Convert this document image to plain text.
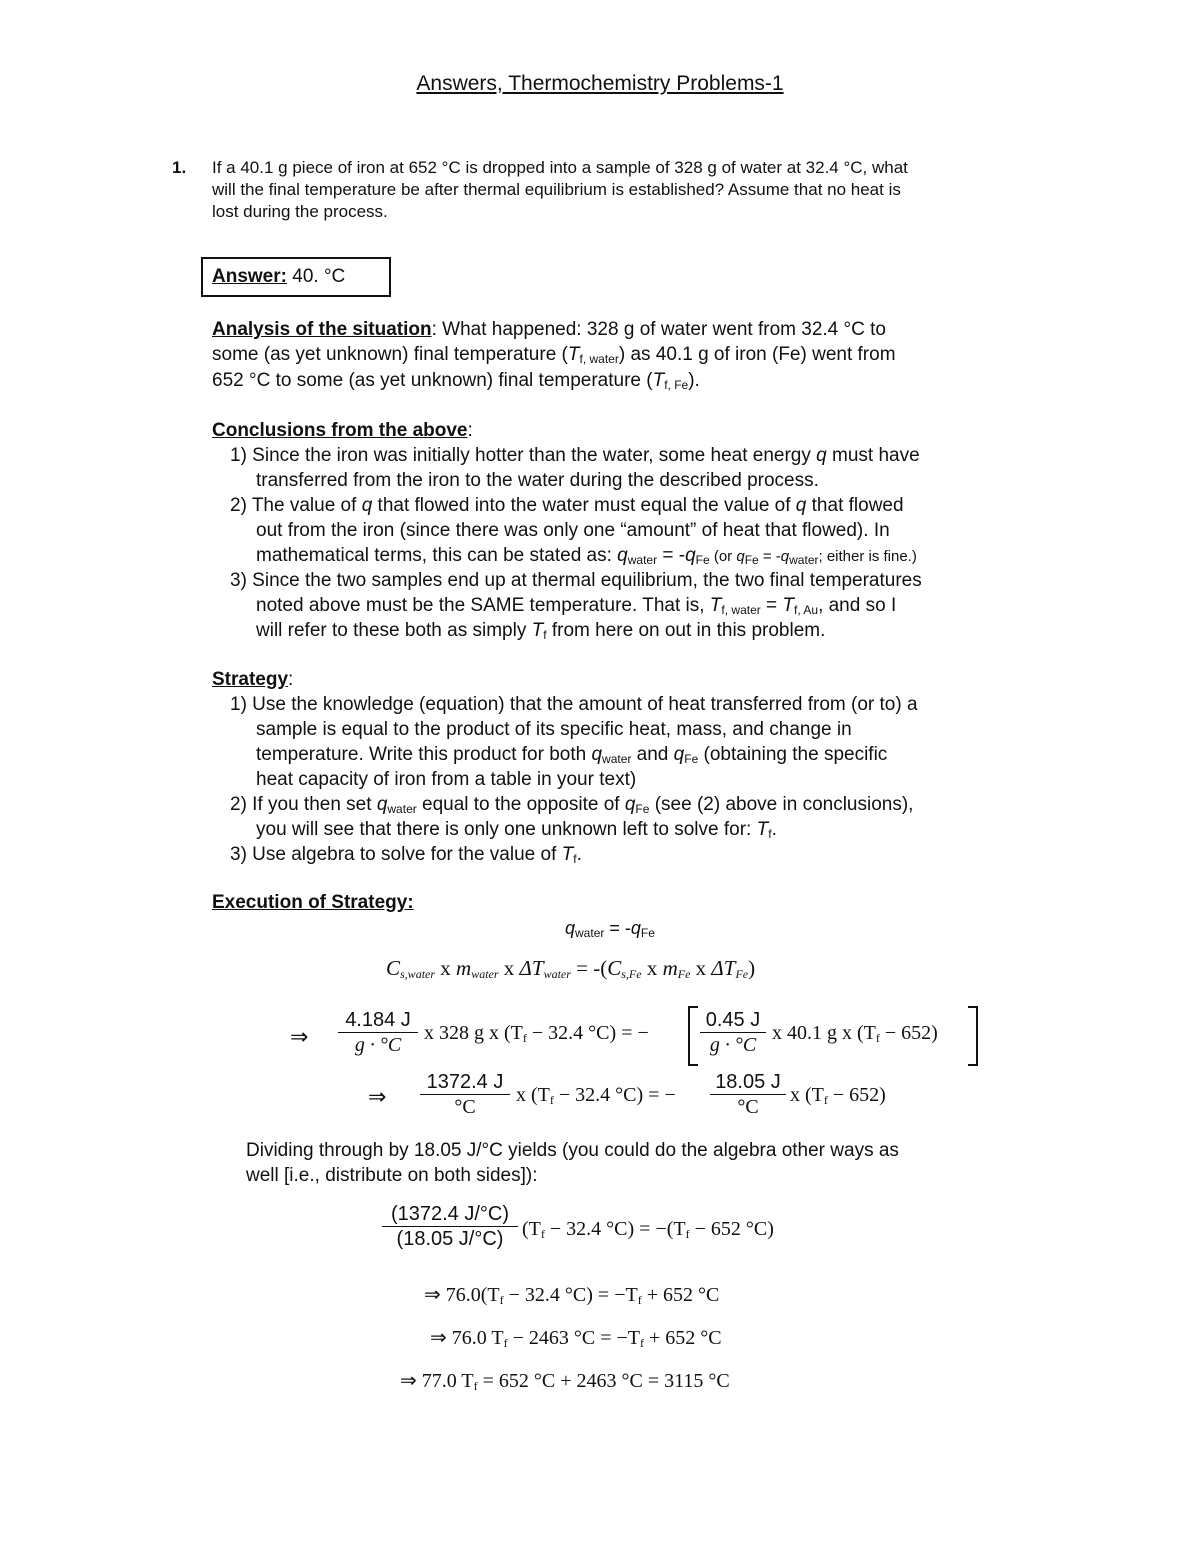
Answers, Thermochemistry Problems-1
1. If a 40.1 g piece of iron at 652 °C is dropped into a sample of 328 g of water at 32.4 °C, what
will the final temperature be after thermal equilibrium is established? Assume that no heat is
lost during the process.
Answer: 40. °C
Analysis of the situation: What happened: 328 g of water went from 32.4 °C to
some (as yet unknown) final temperature $(T_{f, water})$ as 40.1 g of iron (Fe) went from
652 °C to some (as yet unknown) final temperature $(T_{f, Fe})$.
Conclusions from the above:
1) Since the iron was initially hotter than the water, some heat energy q must have
transferred from the iron to the water during the described process.
2) The value of q that flowed into the water must equal the value of q that flowed
out from the iron (since there was only one “amount” of heat that flowed). In
mathematical terms, this can be stated as: $q_{water} = -q_{Fe}$ (or $q_{Fe} = -q_{water}$; either is fine.)
3) Since the two samples end up at thermal equilibrium, the two final temperatures
noted above must be the SAME temperature. That is, $T_{f, water} = T_{f, Au}$, and so I
will refer to these both as simply $T_f$ from here on out in this problem.
Strategy:
1) Use the knowledge (equation) that the amount of heat transferred from (or to) a
sample is equal to the product of its specific heat, mass, and change in
temperature. Write this product for both $q_{water}$ and $q_{Fe}$ (obtaining the specific
heat capacity of iron from a table in your text)
2) If you then set $q_{water}$ equal to the opposite of $q_{Fe}$ (see (2) above in conclusions),
you will see that there is only one unknown left to solve for: $T_f$.
3) Use algebra to solve for the value of $T_f$.
Execution of Strategy:
$q_{water} = -q_{Fe}$
$C_{s,water}$ x $m_{water}$ x $\Delta T_{water} = -(C_{s,Fe}$ x $m_{Fe}$ x $\Delta T_{Fe}$)
⇒ $\frac{4.184 J}{g \cdot ^\circ C}$ x 328 g x ($T_f - 32.4$ °C) = −	$\frac{0.45 J}{g \cdot ^\circ C}$ x 40.1 g x $(T_f - 652)$
⇒ $\frac{1372.4 J}{^\circ C}$ x ($T_f - 32.4$ °C) = − $\frac{18.05 J}{^\circ C}$ x $(T_f - 652)$
Dividing through by 18.05 J/°C yields (you could do the algebra other ways as
well [i.e., distribute on both sides]):
$\frac{(1372.4 J/^\circ C)}{(18.05 J/^\circ C)} (T_f - 32.4$ $^\circ C) = -(T_f - 652$ °C)
⇒ $76.0(T_f - 32.4$ $^\circ C) = -T_f + 652$ °C
⇒ 76.0 $T_f - 2463$ $^\circ C = -T_f + 652$ °C
⇒ 77.0 $T_f = 652$ °C + 2463 °C = 3115 °C
